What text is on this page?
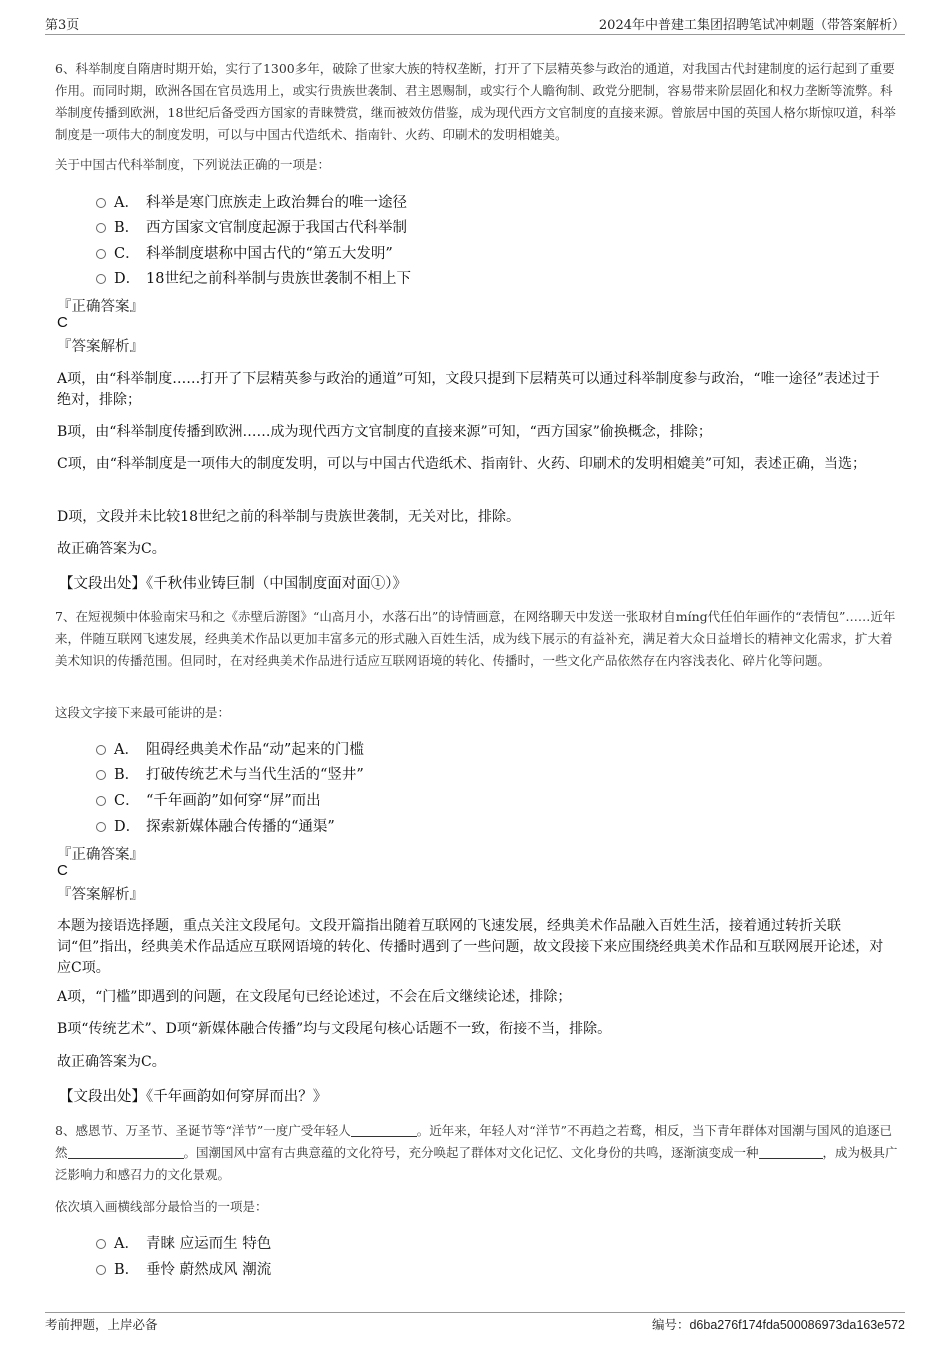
第3页	2024年中普建工集团招聘笔试冲刺题（带答案解析）
6、科举制度自隋唐时期开始，实行了1300多年，破除了世家大族的特权垄断，打开了下层精英参与政治的通道，对我国古代封建制度的运行起到了重要作用。而同时期，欧洲各国在官员选用上，或实行贵族世袭制、君主恩赐制，或实行个人瞻徇制、政党分肥制，容易带来阶层固化和权力垄断等流弊。科举制度传播到欧洲，18世纪后备受西方国家的青睐赞赏，继而被效仿借鉴，成为现代西方文官制度的直接来源。曾旅居中国的英国人格尔斯惊叹道，科举制度是一项伟大的制度发明，可以与中国古代造纸术、指南针、火药、印刷术的发明相媲美。
关于中国古代科举制度，下列说法正确的一项是：
A． 科举是寒门庶族走上政治舞台的唯一途径
B． 西方国家文官制度起源于我国古代科举制
C． 科举制度堪称中国古代的“第五大发明”
D． 18世纪之前科举制与贵族世袭制不相上下
『正确答案』
C
『答案解析』
A项，由“科举制度……打开了下层精英参与政治的通道”可知，文段只提到下层精英可以通过科举制度参与政治，“唯一途径”表述过于绝对，排除；
B项，由“科举制度传播到欧洲……成为现代西方文官制度的直接来源”可知，“西方国家”偷换概念，排除；
C项，由“科举制度是一项伟大的制度发明，可以与中国古代造纸术、指南针、火药、印刷术的发明相媲美”可知，表述正确，当选；
D项，文段并未比较18世纪之前的科举制与贵族世袭制，无关对比，排除。
故正确答案为C。
【文段出处】《千秋伟业铸巨制（中国制度面对面①）》
7、在短视频中体验南宋马和之《赤壁后游图》“山高月小，水落石出”的诗情画意，在网络聊天中发送一张取材自míng代任伯年画作的“表情包”……近年来，伴随互联网飞速发展，经典美术作品以更加丰富多元的形式融入百姓生活，成为线下展示的有益补充，满足着大众日益增长的精神文化需求，扩大着美术知识的传播范围。但同时，在对经典美术作品进行适应互联网语境的转化、传播时，一些文化产品依然存在内容浅表化、碎片化等问题。
这段文字接下来最可能讲的是：
A． 阻碍经典美术作品“动”起来的门槛
B． 打破传统艺术与当代生活的“竖井”
C． “千年画韵”如何穿“屏”而出
D． 探索新媒体融合传播的“通渠”
『正确答案』
C
『答案解析』
本题为接语选择题，重点关注文段尾句。文段开篇指出随着互联网的飞速发展，经典美术作品融入百姓生活，接着通过转折关联词“但”指出，经典美术作品适应互联网语境的转化、传播时遇到了一些问题，故文段接下来应围绕经典美术作品和互联网展开论述，对应C项。
A项，“门槛”即遇到的问题，在文段尾句已经论述过，不会在后文继续论述，排除；
B项“传统艺术”、D项“新媒体融合传播”均与文段尾句核心话题不一致，衔接不当，排除。
故正确答案为C。
【文段出处】《千年画韵如何穿屏而出？》
8、感恩节、万圣节、圣诞节等“洋节”一度广受年轻人	。近年来，年轻人对“洋节”不再趋之若鹜，相反，当下青年群体对国潮与国风的追逐已然	。国潮国风中富有古典意蕴的文化符号，充分唤起了群体对文化记忆、文化身份的共鸣，逐渐演变成一种	，成为极具广泛影响力和感召力的文化景观。
依次填入画横线部分最恰当的一项是：
A． 青睐 应运而生 特色
B． 垂怜 蔚然成风 潮流
考前押题，上岸必备	编号：d6ba276f174fda500086973da163e572
